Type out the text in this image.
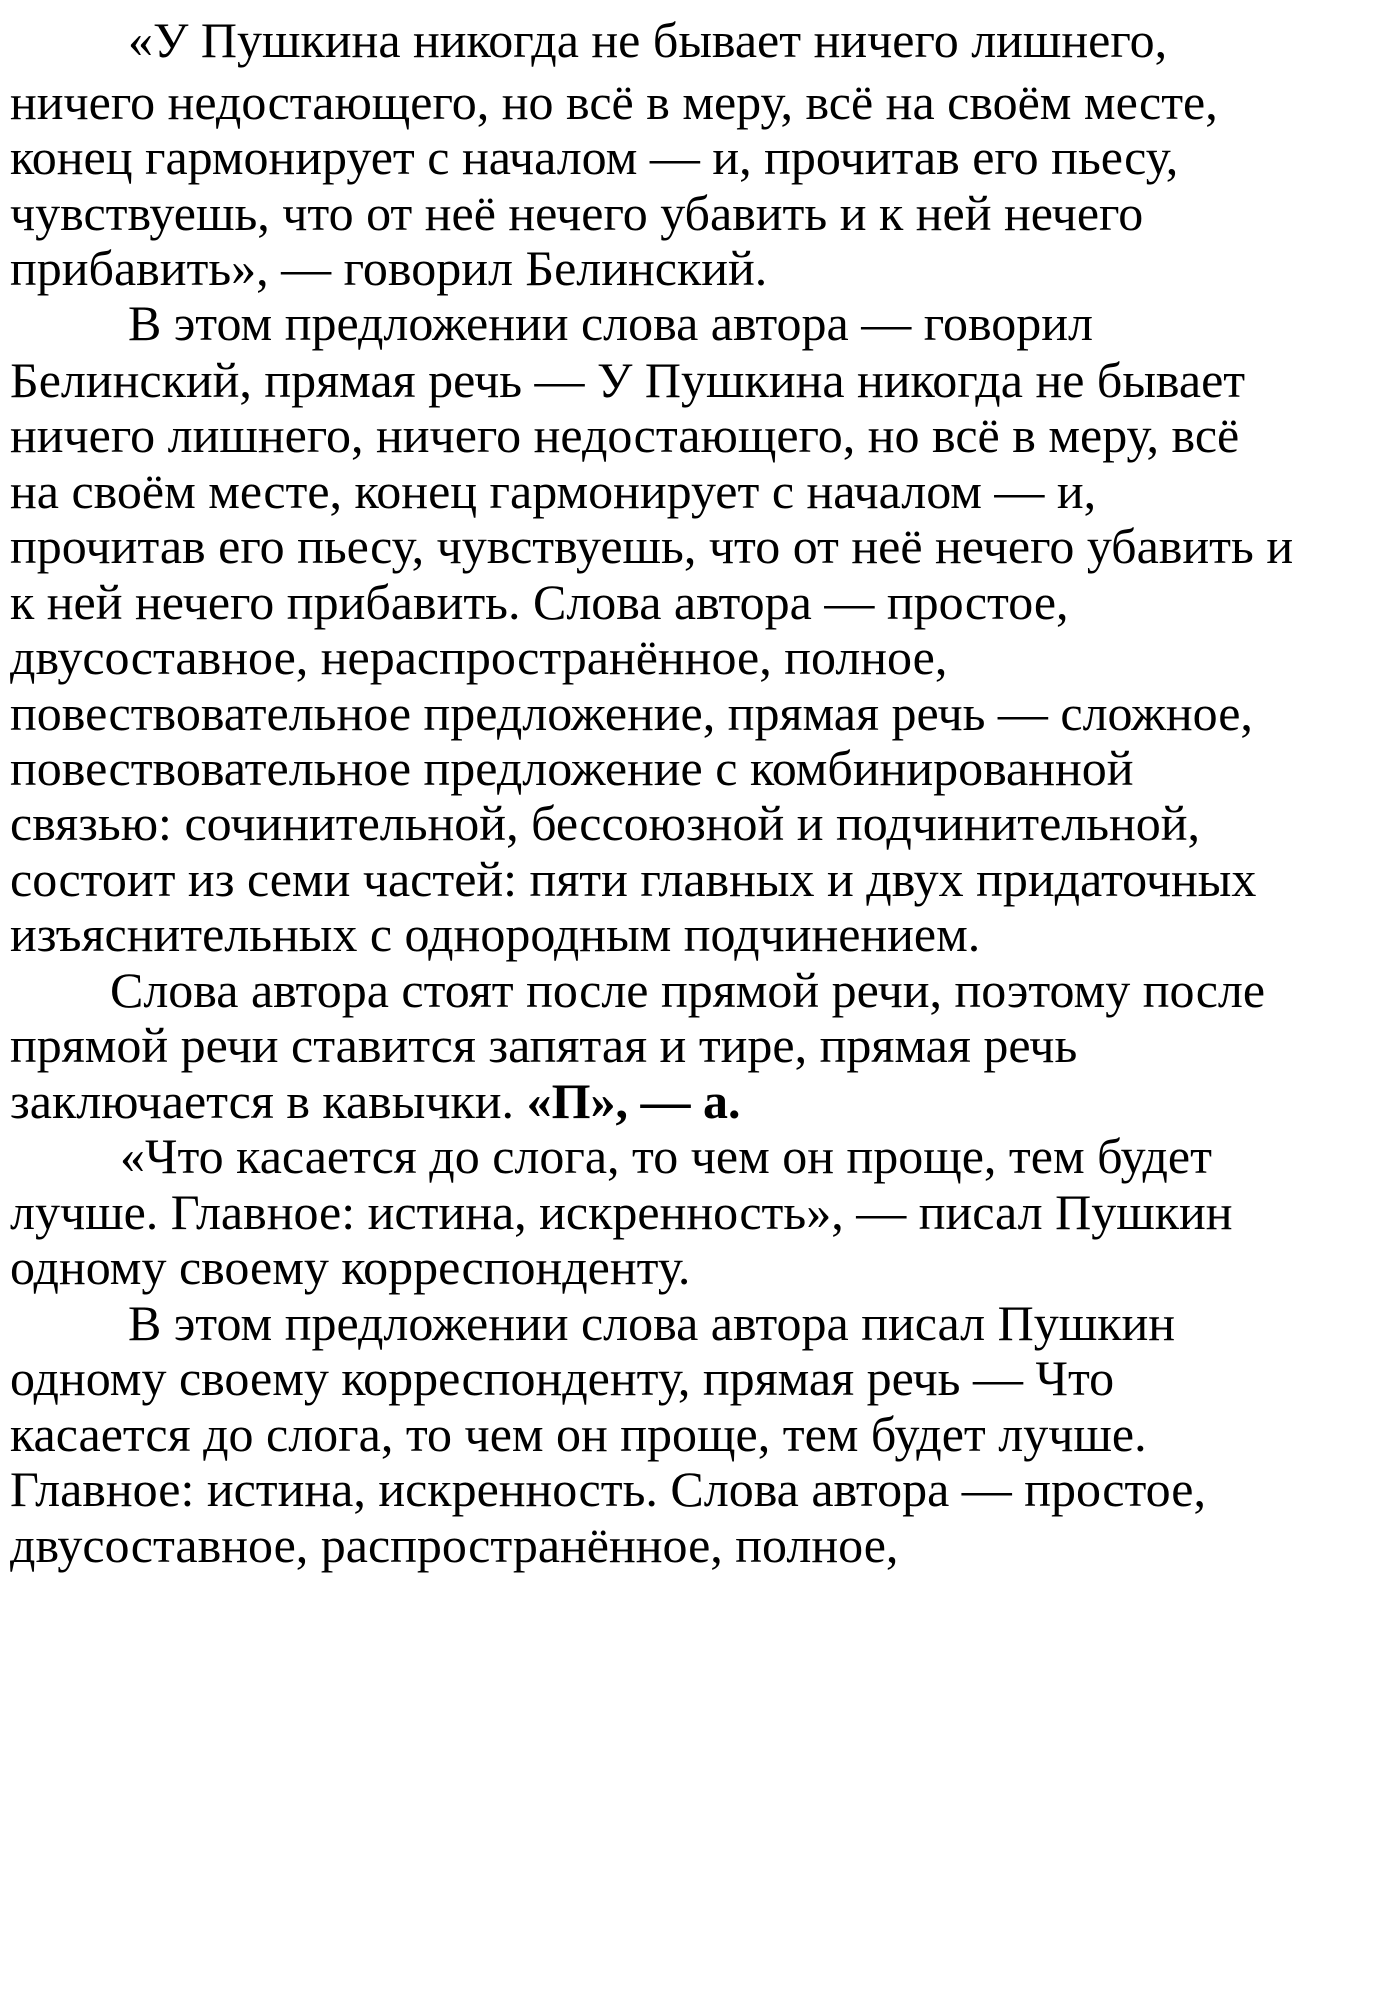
«У Пушкина никогда не бывает ничего лишнего,

ничего недостающего, но всё в меру, всё на своём месте,

конец гармонирует с началом — и, прочитав его пьесу,

чувствуешь, что от неё нечего убавить и к ней нечего

прибавить», — говорил Белинский.

В этом предложении слова автора — говорил

Белинский, прямая речь — У Пушкина никогда не бывает

ничего лишнего, ничего недостающего, но всё в меру, всё

на своём месте, конец гармонирует с началом — и,

прочитав его пьесу, чувствуешь, что от неё нечего убавить и

к ней нечего прибавить. Слова автора — простое,

двусоставное, нераспространённое, полное,

повествовательное предложение, прямая речь — сложное,

повествовательное предложение с комбинированной

связью: сочинительной, бессоюзной и подчинительной,

состоит из семи частей: пяти главных и двух придаточных

изъяснительных с однородным подчинением.

Слова автора стоят после прямой речи, поэтому после

прямой речи ставится запятая и тире, прямая речь

заключается в кавычки. «П», — а.

«Что касается до слога, то чем он проще, тем будет

лучше. Главное: истина, искренность», — писал Пушкин

одному своему корреспонденту.

В этом предложении слова автора писал Пушкин

одному своему корреспонденту, прямая речь — Что

касается до слога, то чем он проще, тем будет лучше.

Главное: истина, искренность. Слова автора — простое,

двусоставное, распространённое, полное,
